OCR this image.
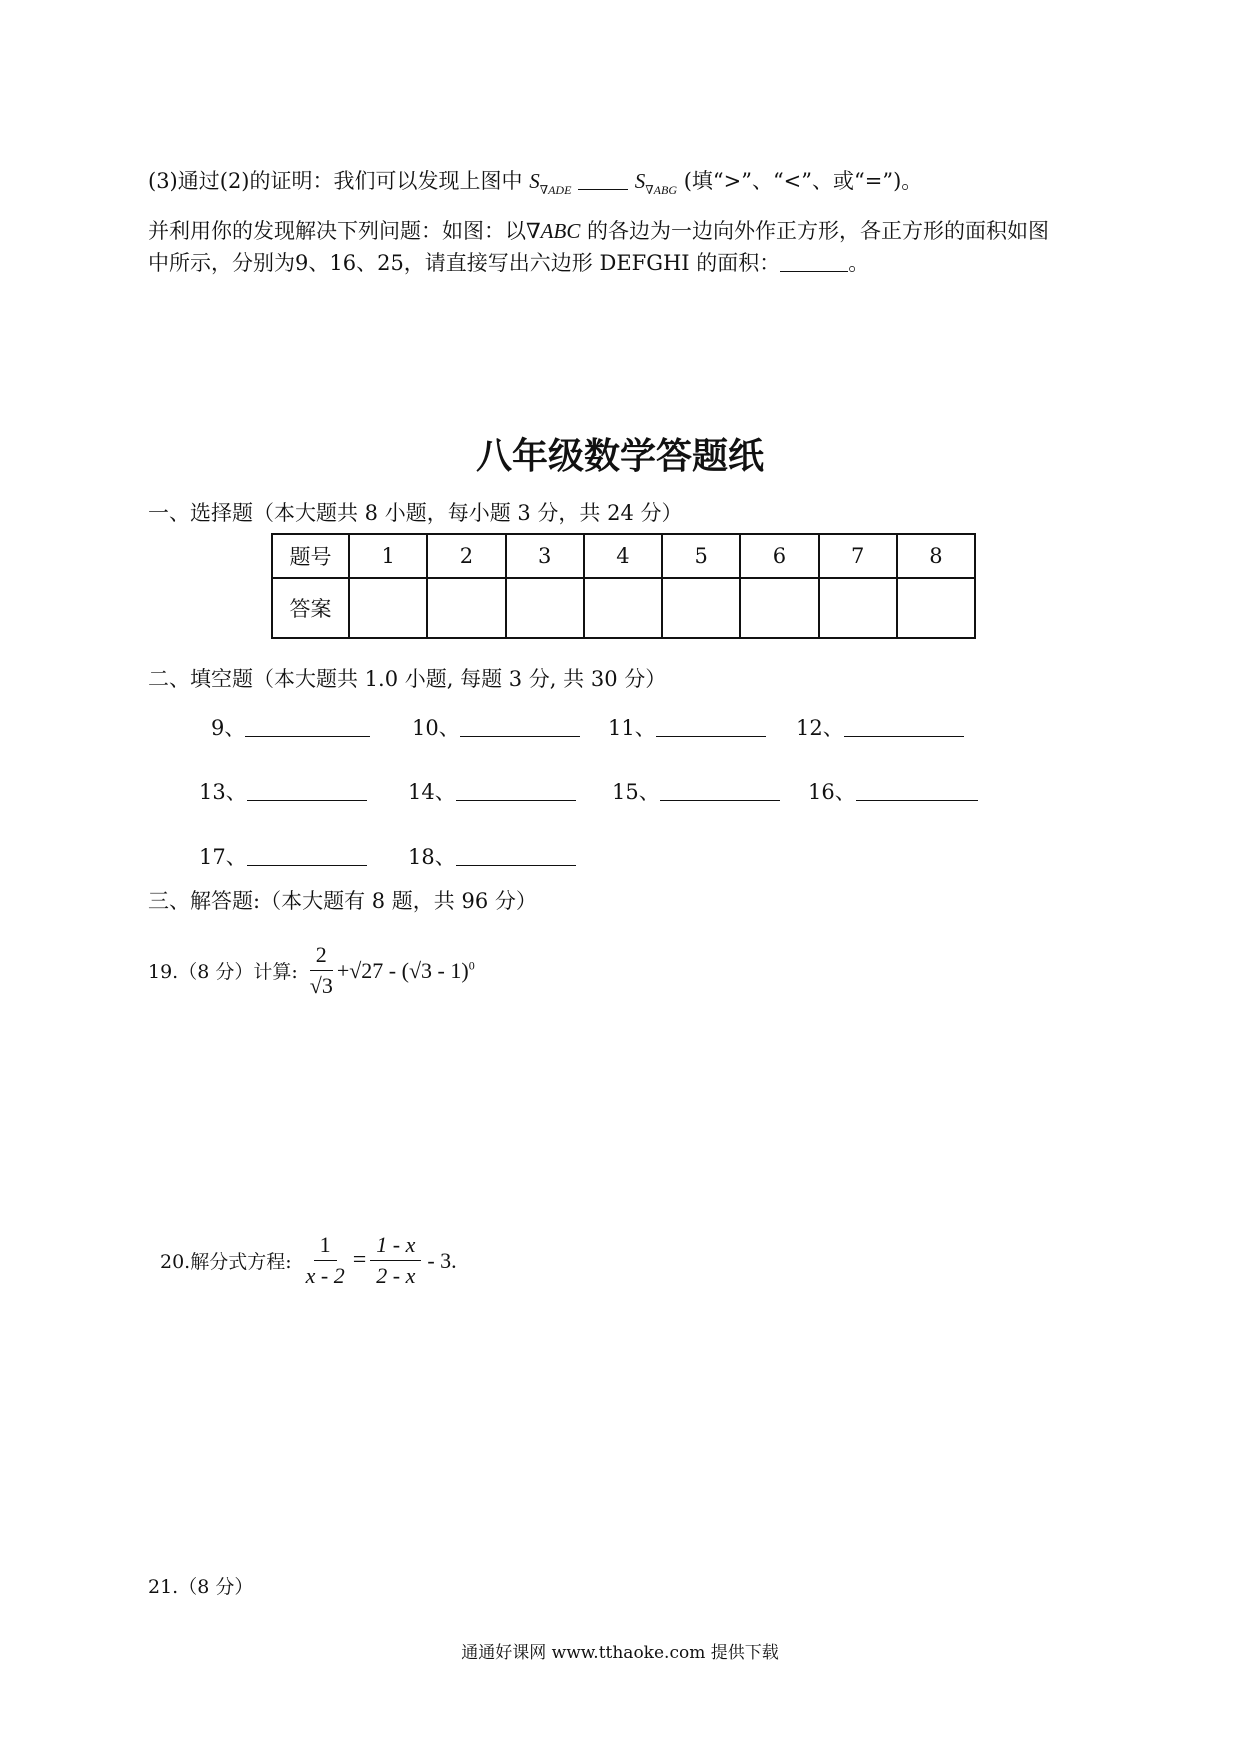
(3)通过(2)的证明：我们可以发现上图中 $S_{\nabla ADE}$	$S_{\nabla ABG}$ (填“>”、“<”、或“=”)。
并利用你的发现解决下列问题：如图：以∇ABC 的各边为一边向外作正方形，各正方形的面积如图
中所示，分别为9、16、25，请直接写出六边形 DEFGHI 的面积：	。
八年级数学答题纸
一、选择题（本大题共 8 小题，每小题 3 分，共 24 分）
题号	1	2	3	4	5	6	7	8
答案								
二、填空题（本大题共 1.0 小题, 每题 3 分, 共 30 分）
9、	10、	11、	12、
13、	14、	15、	16、
17、	18、
三、解答题:（本大题有 8 题，共 96 分）
19.（8 分）计算: $\frac{2}{√3} +√27 - (√3 - 1)^0$
20.解分式方程: $\frac{1}{x - 2} = \frac{1 - x}{2 - x} - 3$.
21.（8 分）
通通好课网 www.tthaoke.com 提供下载
